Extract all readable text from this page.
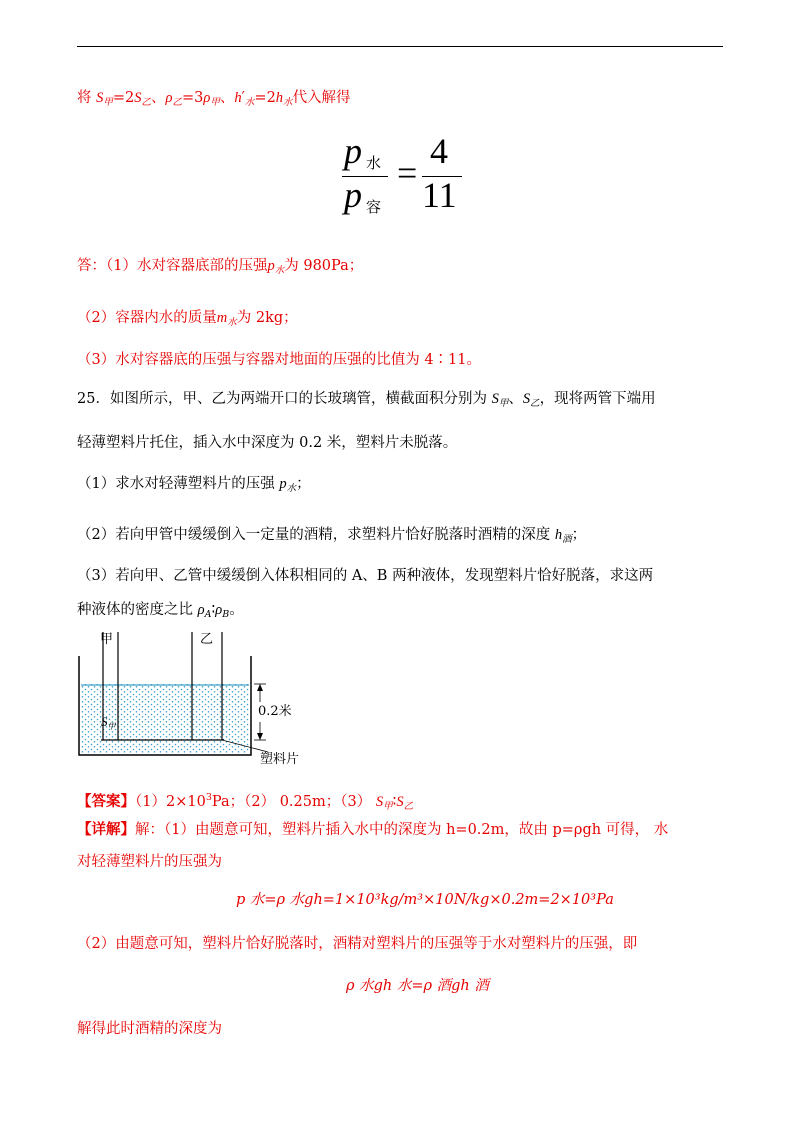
将 $S_甲=2S_乙$、$\rho_乙=3\rho_甲$、$h'_水=2h_水$代入解得
p 水
p 容
=
4
11
答：（1）水对容器底部的压强$p_水$为 980Pa；
（2）容器内水的质量$m_水$为 2kg；
（3）水对容器底的压强与容器对地面的压强的比值为 4∶11。
25．如图所示，甲、乙为两端开口的长玻璃管，横截面积分别为 $S_甲$、$S_乙$，现将两管下端用
轻薄塑料片托住，插入水中深度为 0.2 米，塑料片未脱落。
（1）求水对轻薄塑料片的压强 $p_水$；
（2）若向甲管中缓缓倒入一定量的酒精，求塑料片恰好脱落时酒精的深度 $h_酒$；
（3）若向甲、乙管中缓缓倒入体积相同的 A、B 两种液体，发现塑料片恰好脱落，求这两
种液体的密度之比 $\rho_A∶\rho_B$。
甲	乙
0.2米
$S_甲$
塑料片
【答案】$(1)2\times 10^3Pa$；（2） 0.25m；（3） $S_甲∶S_乙$
【详解】解：（1）由题意可知，塑料片插入水中的深度为 h=0.2m，故由 p=ρgh 可得， 水
对轻薄塑料片的压强为
p 水=ρ 水gh=1×10³kg/m³×10N/kg×0.2m=2×10³Pa
（2）由题意可知，塑料片恰好脱落时，酒精对塑料片的压强等于水对塑料片的压强，即
ρ 水gh 水=ρ 酒gh 酒
解得此时酒精的深度为
